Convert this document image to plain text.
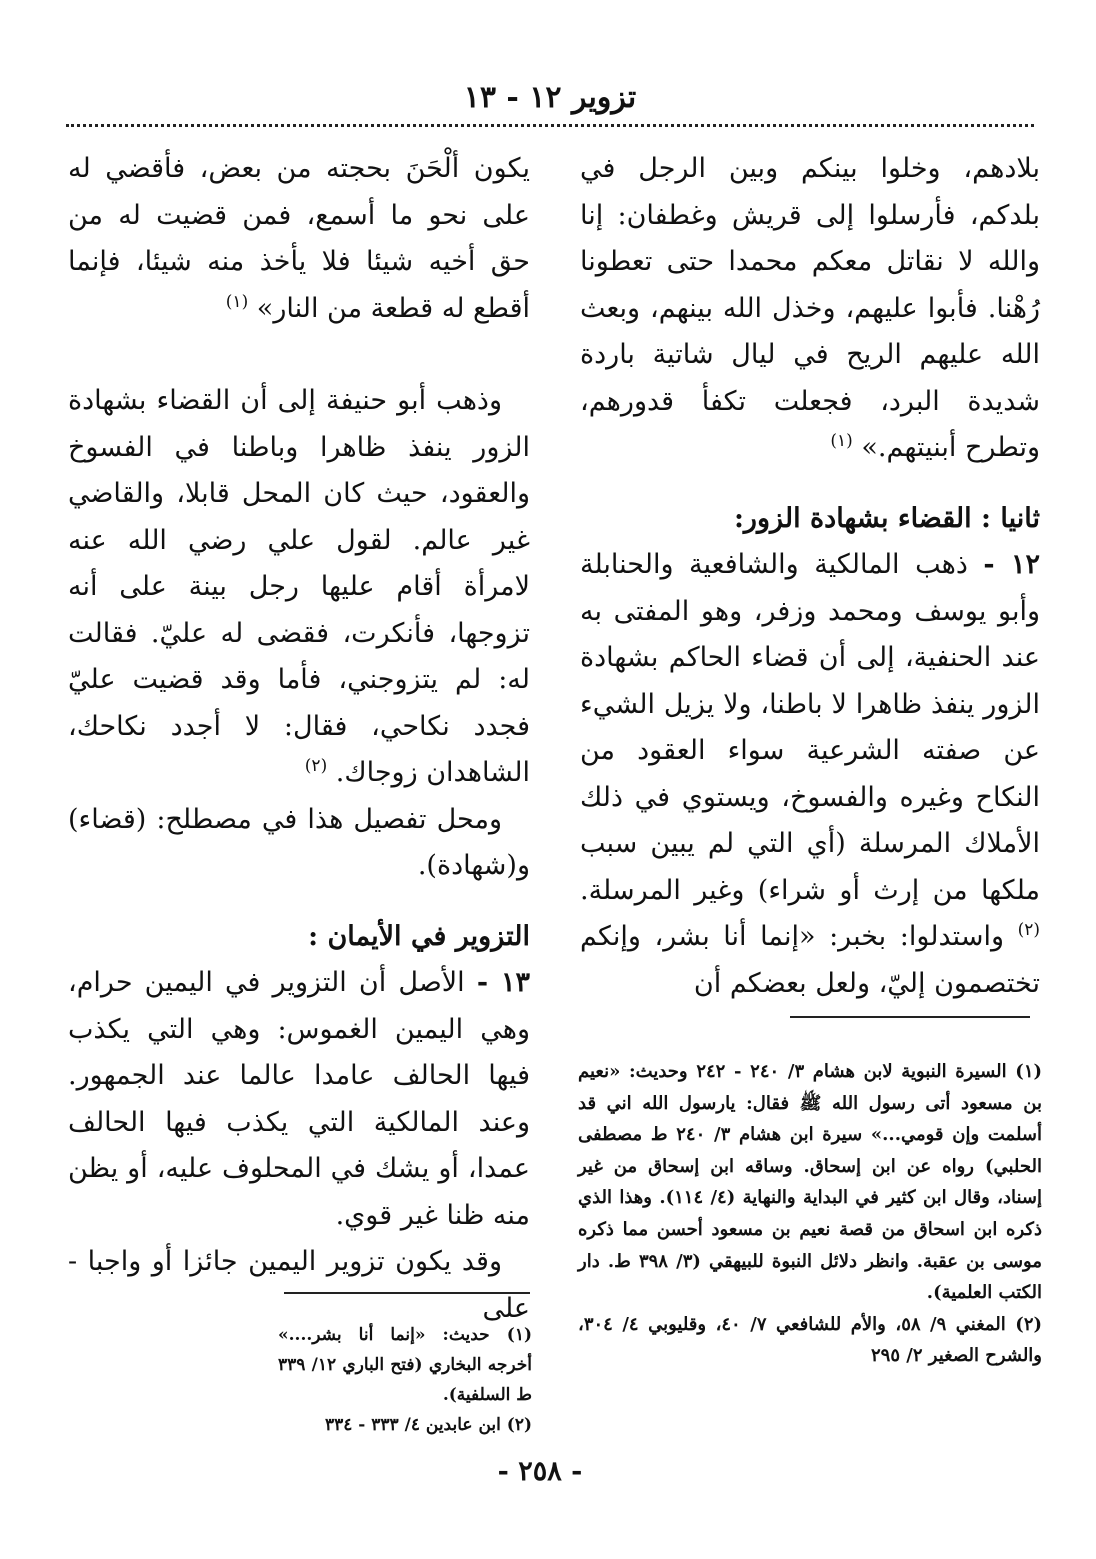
تزوير ١٢ - ١٣

بلادهم، وخلوا بينكم وبين الرجل في بلدكم، فأرسلوا إلى قريش وغطفان: إنا والله لا نقاتل معكم محمدا حتى تعطونا رُهْنا. فأبوا عليهم، وخذل الله بينهم، وبعث الله عليهم الريح في ليال شاتية باردة شديدة البرد، فجعلت تكفأ قدورهم، وتطرح أبنيتهم.» $^{(١)}$

ثانيا : القضاء بشهادة الزور:

١٢ - ذهب المالكية والشافعية والحنابلة وأبو يوسف ومحمد وزفر، وهو المفتى به عند الحنفية، إلى أن قضاء الحاكم بشهادة الزور ينفذ ظاهرا لا باطنا، ولا يزيل الشيء عن صفته الشرعية سواء العقود من النكاح وغيره والفسوخ، ويستوي في ذلك الأملاك المرسلة (أي التي لم يبين سبب ملكها من إرث أو شراء) وغير المرسلة. $^{(٢)}$ واستدلوا: بخبر: «إنما أنا بشر، وإنكم تختصمون إليّ، ولعل بعضكم أن

يكون ألْحَنَ بحجته من بعض، فأقضي له على نحو ما أسمع، فمن قضيت له من حق أخيه شيئا فلا يأخذ منه شيئا، فإنما أقطع له قطعة من النار» $^{(١)}$

وذهب أبو حنيفة إلى أن القضاء بشهادة الزور ينفذ ظاهرا وباطنا في الفسوخ والعقود، حيث كان المحل قابلا، والقاضي غير عالم. لقول علي رضي الله عنه لامرأة أقام عليها رجل بينة على أنه تزوجها، فأنكرت، فقضى له عليّ. فقالت له: لم يتزوجني، فأما وقد قضيت عليّ فجدد نكاحي، فقال: لا أجدد نكاحك، الشاهدان زوجاك. $^{(٢)}$

ومحل تفصيل هذا في مصطلح: (قضاء) و(شهادة).

التزوير في الأيمان :

١٣ - الأصل أن التزوير في اليمين حرام، وهي اليمين الغموس: وهي التي يكذب فيها الحالف عامدا عالما عند الجمهور. وعند المالكية التي يكذب فيها الحالف عمدا، أو يشك في المحلوف عليه، أو يظن منه ظنا غير قوي.

وقد يكون تزوير اليمين جائزا أو واجبا - على

(١) السيرة النبوية لابن هشام ٣/ ٢٤٠ - ٢٤٢ وحديث: «نعيم بن مسعود أتى رسول الله ﷺ فقال: يارسول الله اني قد أسلمت وإن قومي...» سيرة ابن هشام ٣/ ٢٤٠ ط مصطفى الحلبي) رواه عن ابن إسحاق. وساقه ابن إسحاق من غير إسناد، وقال ابن كثير في البداية والنهاية (٤/ ١١٤). وهذا الذي ذكره ابن اسحاق من قصة نعيم بن مسعود أحسن مما ذكره موسى بن عقبة. وانظر دلائل النبوة للبيهقي (٣/ ٣٩٨ ط. دار الكتب العلمية).

(٢) المغني ٩/ ٥٨، والأم للشافعي ٧/ ٤٠، وقليوبي ٤/ ٣٠٤، والشرح الصغير ٢/ ٢٩٥

(١) حديث: «إنما أنا بشر....» أخرجه البخاري (فتح الباري ١٢/ ٣٣٩ ط السلفية).

(٢) ابن عابدين ٤/ ٣٣٣ - ٣٣٤

- ٢٥٨ -
